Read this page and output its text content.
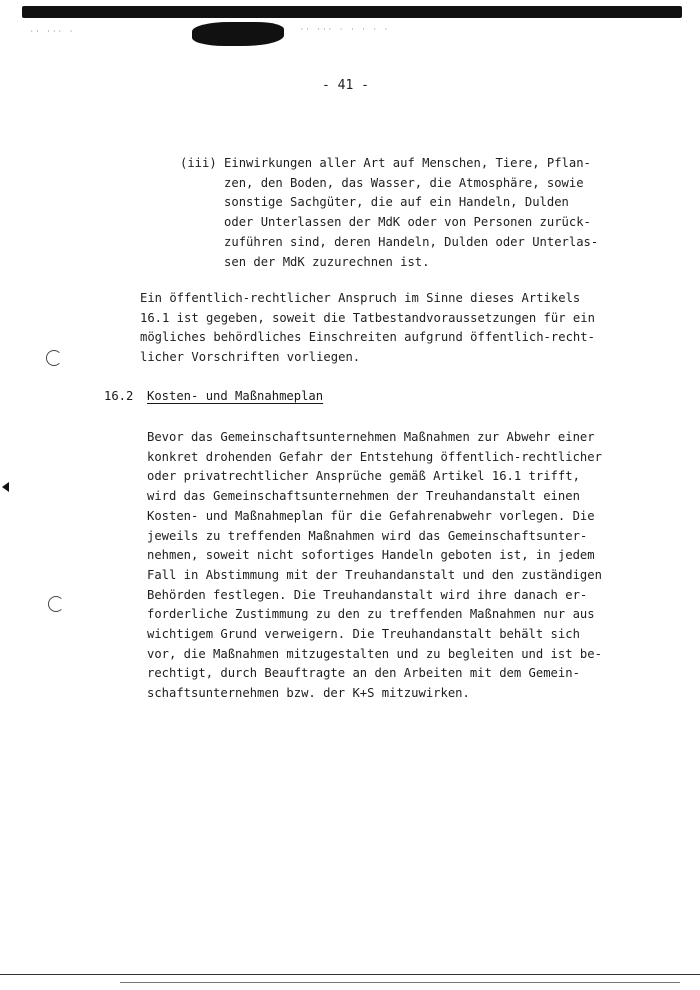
·· ··· ·	·· ··· · · · · ·
- 41 -
(iii) Einwirkungen aller Art auf Menschen, Tiere, Pflan-
zen, den Boden, das Wasser, die Atmosphäre, sowie
sonstige Sachgüter, die auf ein Handeln, Dulden
oder Unterlassen der MdK oder von Personen zurück-
zuführen sind, deren Handeln, Dulden oder Unterlas-
sen der MdK zuzurechnen ist.
Ein öffentlich-rechtlicher Anspruch im Sinne dieses Artikels
16.1 ist gegeben, soweit die Tatbestandvoraussetzungen für ein
mögliches behördliches Einschreiten aufgrund öffentlich-recht-
licher Vorschriften vorliegen.
16.2 Kosten- und Maßnahmeplan
Bevor das Gemeinschaftsunternehmen Maßnahmen zur Abwehr einer
konkret drohenden Gefahr der Entstehung öffentlich-rechtlicher
oder privatrechtlicher Ansprüche gemäß Artikel 16.1 trifft,
wird das Gemeinschaftsunternehmen der Treuhandanstalt einen
Kosten- und Maßnahmeplan für die Gefahrenabwehr vorlegen. Die
jeweils zu treffenden Maßnahmen wird das Gemeinschaftsunter-
nehmen, soweit nicht sofortiges Handeln geboten ist, in jedem
Fall in Abstimmung mit der Treuhandanstalt und den zuständigen
Behörden festlegen. Die Treuhandanstalt wird ihre danach er-
forderliche Zustimmung zu den zu treffenden Maßnahmen nur aus
wichtigem Grund verweigern. Die Treuhandanstalt behält sich
vor, die Maßnahmen mitzugestalten und zu begleiten und ist be-
rechtigt, durch Beauftragte an den Arbeiten mit dem Gemein-
schaftsunternehmen bzw. der K+S mitzuwirken.
